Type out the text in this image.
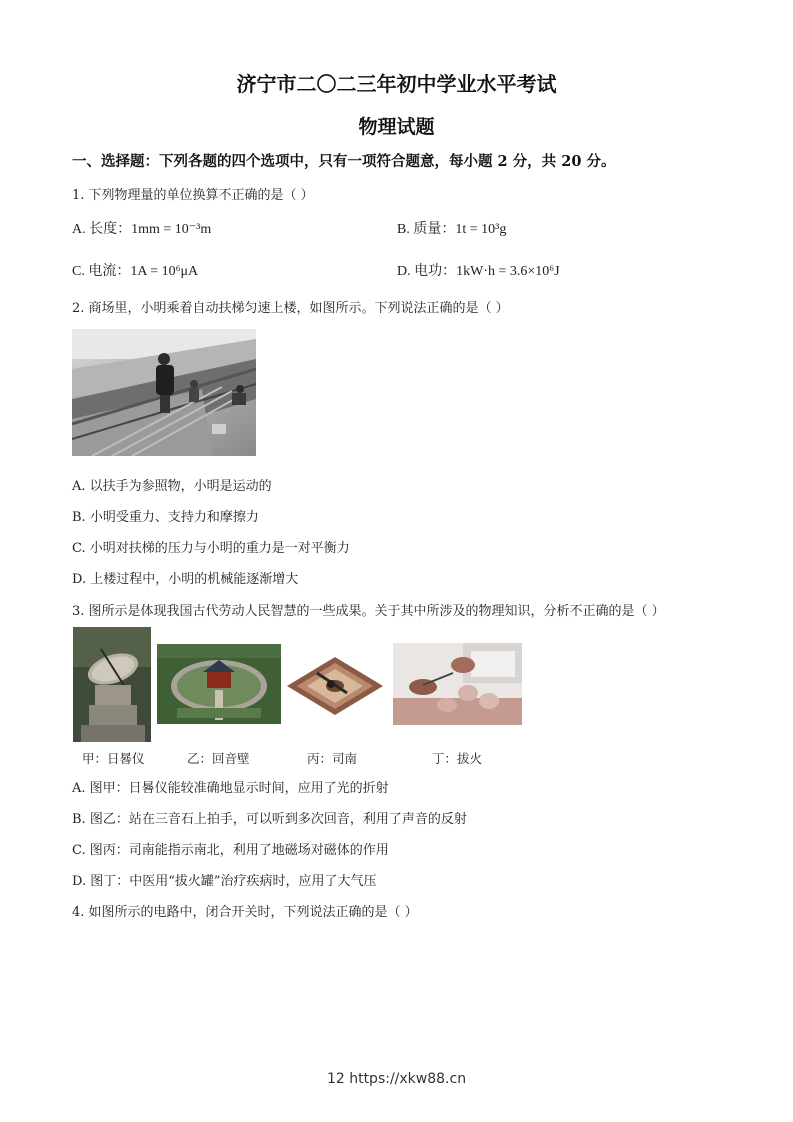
济宁市二〇二三年初中学业水平考试
物理试题
一、选择题：下列各题的四个选项中，只有一项符合题意，每小题 2 分，共 20 分。
1. 下列物理量的单位换算不正确的是（ ）
A. 长度：1mm = 10⁻³m	B. 质量：1t = 10³g
C. 电流：1A = 10⁶μA	D. 电功：1kW·h = 3.6×10⁶J
2. 商场里，小明乘着自动扶梯匀速上楼，如图所示。下列说法正确的是（ ）
A. 以扶手为参照物，小明是运动的
B. 小明受重力、支持力和摩擦力
C. 小明对扶梯的压力与小明的重力是一对平衡力
D. 上楼过程中，小明的机械能逐渐增大
3. 图所示是体现我国古代劳动人民智慧的一些成果。关于其中所涉及的物理知识，分析不正确的是（ ）
甲：日晷仪	乙：回音壁	丙：司南	丁：拔火
A. 图甲：日晷仪能较准确地显示时间，应用了光的折射
B. 图乙：站在三音石上拍手，可以听到多次回音，利用了声音的反射
C. 图丙：司南能指示南北，利用了地磁场对磁体的作用
D. 图丁：中医用“拔火罐”治疗疾病时，应用了大气压
4. 如图所示的电路中，闭合开关时，下列说法正确的是（ ）
12 https://xkw88.cn
